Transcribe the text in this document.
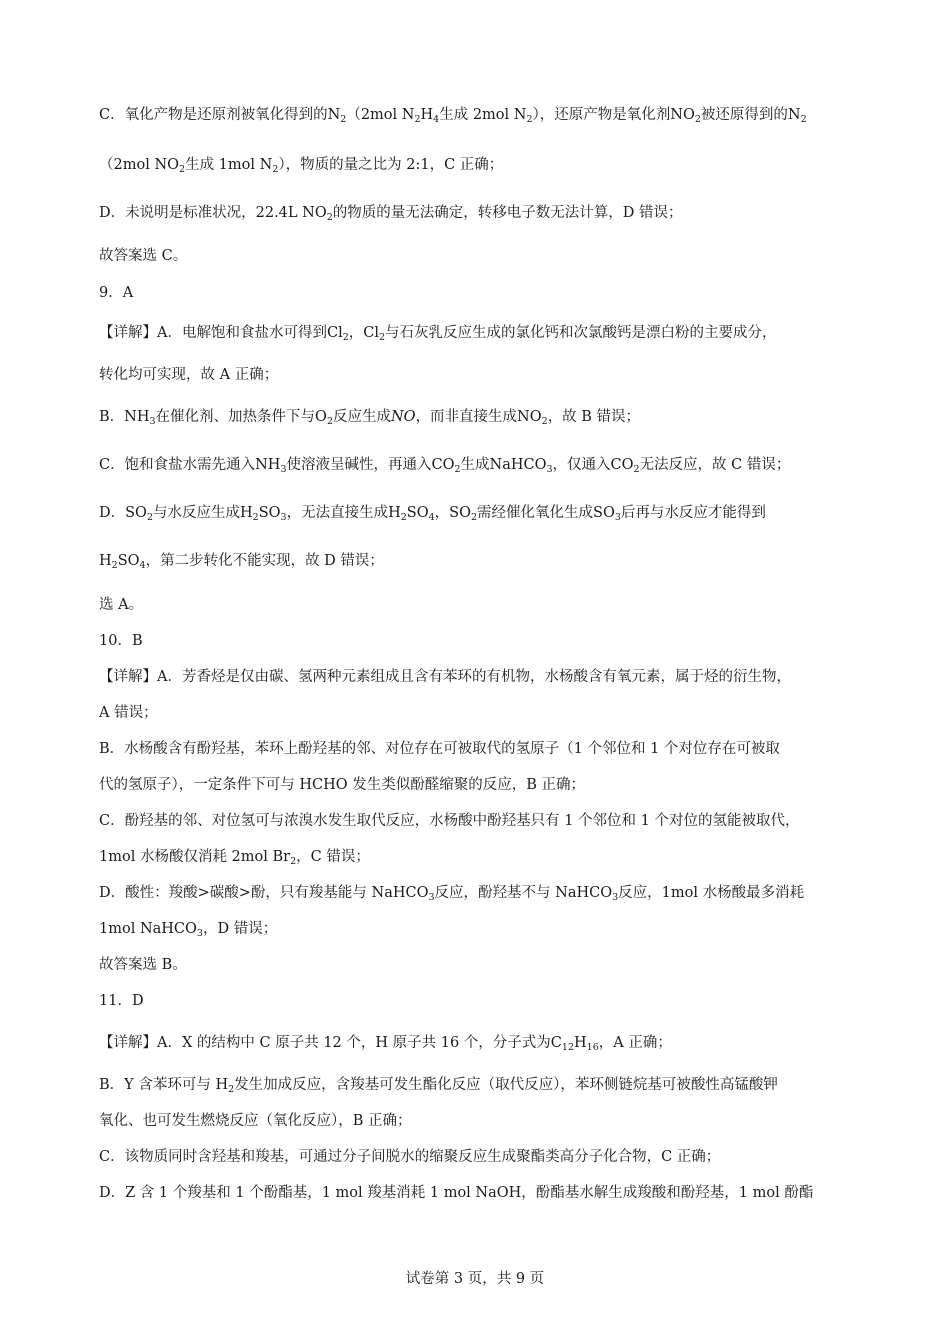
C．氧化产物是还原剂被氧化得到的$N_2(2mol$ $N_2H_4$生成 2mol $N_2$），还原产物是氧化剂$NO_2$被还原得到的$N_2$
（2mol $NO_2$生成 1mol $N_2$），物质的量之比为 2:1，C 正确；
D．未说明是标准状况，22.4L $NO_2$的物质的量无法确定，转移电子数无法计算，D 错误；
故答案选 C。
9．A
【详解】A．电解饱和食盐水可得到$Cl_2$，$Cl_2$与石灰乳反应生成的氯化钙和次氯酸钙是漂白粉的主要成分，
转化均可实现，故 A 正确；
B．$NH_3$在催化剂、加热条件下与$O_2$反应生成NO，而非直接生成$NO_2$，故 B 错误；
C．饱和食盐水需先通入$NH_3$使溶液呈碱性，再通入$CO_2$生成NaHCO$_3$，仅通入$CO_2$无法反应，故 C 错误；
D．$SO_2$与水反应生成$H_2SO_3$，无法直接生成$H_2SO_4$，$SO_2$需经催化氧化生成$SO_3$后再与水反应才能得到
$H_2SO_4$，第二步转化不能实现，故 D 错误；
选 A。
10．B
【详解】A．芳香烃是仅由碳、氢两种元素组成且含有苯环的有机物，水杨酸含有氧元素，属于烃的衍生物，
A 错误；
B．水杨酸含有酚羟基，苯环上酚羟基的邻、对位存在可被取代的氢原子（1 个邻位和 1 个对位存在可被取
代的氢原子），一定条件下可与 HCHO 发生类似酚醛缩聚的反应，B 正确；
C．酚羟基的邻、对位氢可与浓溴水发生取代反应，水杨酸中酚羟基只有 1 个邻位和 1 个对位的氢能被取代，
1mol 水杨酸仅消耗 2mol $Br_2$，C 错误；
D．酸性：羧酸>碳酸>酚，只有羧基能与 NaHCO$_3$反应，酚羟基不与 NaHCO$_3$反应，1mol 水杨酸最多消耗
1mol NaHCO$_3$，D 错误；
故答案选 B。
11．D
【详解】A．X 的结构中 C 原子共 12 个，H 原子共 16 个，分子式为$C_{12}H_{16}$，A 正确；
B．Y 含苯环可与 $H_2$发生加成反应，含羧基可发生酯化反应（取代反应），苯环侧链烷基可被酸性高锰酸钾
氧化、也可发生燃烧反应（氧化反应），B 正确；
C．该物质同时含羟基和羧基，可通过分子间脱水的缩聚反应生成聚酯类高分子化合物，C 正确；
D．Z 含 1 个羧基和 1 个酚酯基，1 mol 羧基消耗 1 mol NaOH，酚酯基水解生成羧酸和酚羟基，1 mol 酚酯
试卷第 3 页，共 9 页
